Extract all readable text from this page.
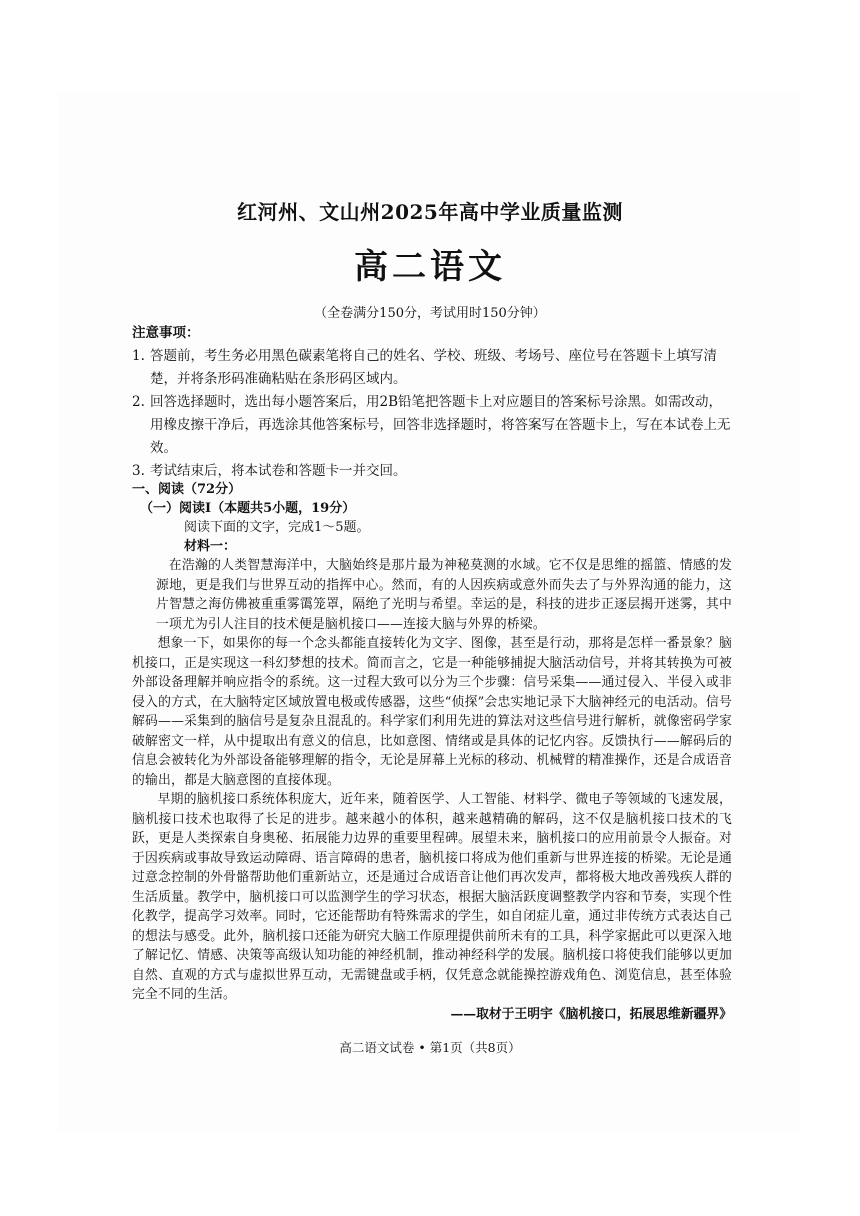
红河州、文山州2025年高中学业质量监测
高二语文
（全卷满分150分，考试用时150分钟）
注意事项：
1. 答题前，考生务必用黑色碳素笔将自己的姓名、学校、班级、考场号、座位号在答题卡上填写清楚，并将条形码准确粘贴在条形码区域内。
2. 回答选择题时，选出每小题答案后，用2B铅笔把答题卡上对应题目的答案标号涂黑。如需改动，用橡皮擦干净后，再选涂其他答案标号，回答非选择题时，将答案写在答题卡上，写在本试卷上无效。
3. 考试结束后，将本试卷和答题卡一并交回。
一、阅读（72分）
（一）阅读Ⅰ（本题共5小题，19分）
阅读下面的文字，完成1～5题。
材料一：

在浩瀚的人类智慧海洋中，大脑始终是那片最为神秘莫测的水域。它不仅是思维的摇篮、情感的发源地，更是我们与世界互动的指挥中心。然而，有的人因疾病或意外而失去了与外界沟通的能力，这片智慧之海仿佛被重重雾霭笼罩，隔绝了光明与希望。幸运的是，科技的进步正逐层揭开迷雾，其中一项尤为引人注目的技术便是脑机接口——连接大脑与外界的桥梁。

想象一下，如果你的每一个念头都能直接转化为文字、图像，甚至是行动，那将是怎样一番景象？脑机接口，正是实现这一科幻梦想的技术。简而言之，它是一种能够捕捉大脑活动信号，并将其转换为可被外部设备理解并响应指令的系统。这一过程大致可以分为三个步骤：信号采集——通过侵入、半侵入或非侵入的方式，在大脑特定区域放置电极或传感器，这些“侦探”会忠实地记录下大脑神经元的电活动。信号解码——采集到的脑信号是复杂且混乱的。科学家们利用先进的算法对这些信号进行解析，就像密码学家破解密文一样，从中提取出有意义的信息，比如意图、情绪或是具体的记忆内容。反馈执行——解码后的信息会被转化为外部设备能够理解的指令，无论是屏幕上光标的移动、机械臂的精准操作，还是合成语音的输出，都是大脑意图的直接体现。

早期的脑机接口系统体积庞大，近年来，随着医学、人工智能、材料学、微电子等领域的飞速发展，脑机接口技术也取得了长足的进步。越来越小的体积，越来越精确的解码，这不仅是脑机接口技术的飞跃，更是人类探索自身奥秘、拓展能力边界的重要里程碑。展望未来，脑机接口的应用前景令人振奋。对于因疾病或事故导致运动障碍、语言障碍的患者，脑机接口将成为他们重新与世界连接的桥梁。无论是通过意念控制的外骨骼帮助他们重新站立，还是通过合成语音让他们再次发声，都将极大地改善残疾人群的生活质量。教学中，脑机接口可以监测学生的学习状态，根据大脑活跃度调整教学内容和节奏，实现个性化教学，提高学习效率。同时，它还能帮助有特殊需求的学生，如自闭症儿童，通过非传统方式表达自己的想法与感受。此外，脑机接口还能为研究大脑工作原理提供前所未有的工具，科学家据此可以更深入地了解记忆、情感、决策等高级认知功能的神经机制，推动神经科学的发展。脑机接口将使我们能够以更加自然、直观的方式与虚拟世界互动，无需键盘或手柄，仅凭意念就能操控游戏角色、浏览信息，甚至体验完全不同的生活。

——取材于王明宇《脑机接口，拓展思维新疆界》
高二语文试卷 • 第1页（共8页）
